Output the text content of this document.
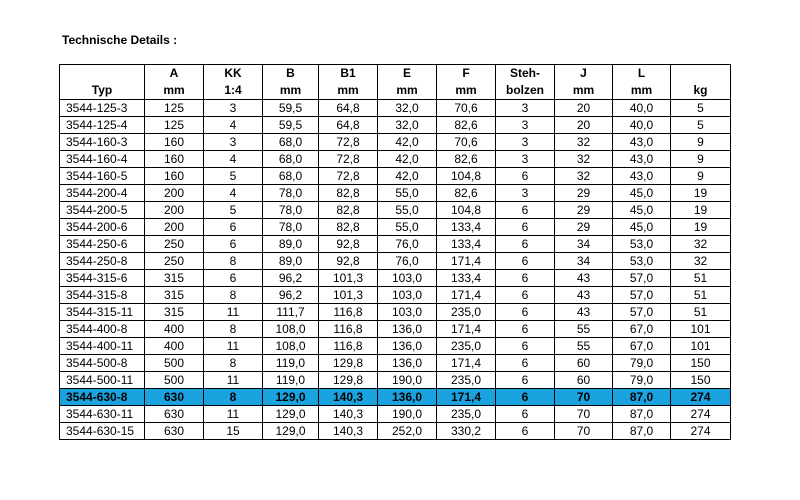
Technische Details :
	A	KK	B	B1	E	F	Steh-	J	L	
Typ	mm	1:4	mm	mm	mm	mm	bolzen	mm	mm	kg
3544-125-3	125	3	59,5	64,8	32,0	70,6	3	20	40,0	5
3544-125-4	125	4	59,5	64,8	32,0	82,6	3	20	40,0	5
3544-160-3	160	3	68,0	72,8	42,0	70,6	3	32	43,0	9
3544-160-4	160	4	68,0	72,8	42,0	82,6	3	32	43,0	9
3544-160-5	160	5	68,0	72,8	42,0	104,8	6	32	43,0	9
3544-200-4	200	4	78,0	82,8	55,0	82,6	3	29	45,0	19
3544-200-5	200	5	78,0	82,8	55,0	104,8	6	29	45,0	19
3544-200-6	200	6	78,0	82,8	55,0	133,4	6	29	45,0	19
3544-250-6	250	6	89,0	92,8	76,0	133,4	6	34	53,0	32
3544-250-8	250	8	89,0	92,8	76,0	171,4	6	34	53,0	32
3544-315-6	315	6	96,2	101,3	103,0	133,4	6	43	57,0	51
3544-315-8	315	8	96,2	101,3	103,0	171,4	6	43	57,0	51
3544-315-11	315	11	111,7	116,8	103,0	235,0	6	43	57,0	51
3544-400-8	400	8	108,0	116,8	136,0	171,4	6	55	67,0	101
3544-400-11	400	11	108,0	116,8	136,0	235,0	6	55	67,0	101
3544-500-8	500	8	119,0	129,8	136,0	171,4	6	60	79,0	150
3544-500-11	500	11	119,0	129,8	190,0	235,0	6	60	79,0	150
3544-630-8	630	8	129,0	140,3	136,0	171,4	6	70	87,0	274
3544-630-11	630	11	129,0	140,3	190,0	235,0	6	70	87,0	274
3544-630-15	630	15	129,0	140,3	252,0	330,2	6	70	87,0	274
